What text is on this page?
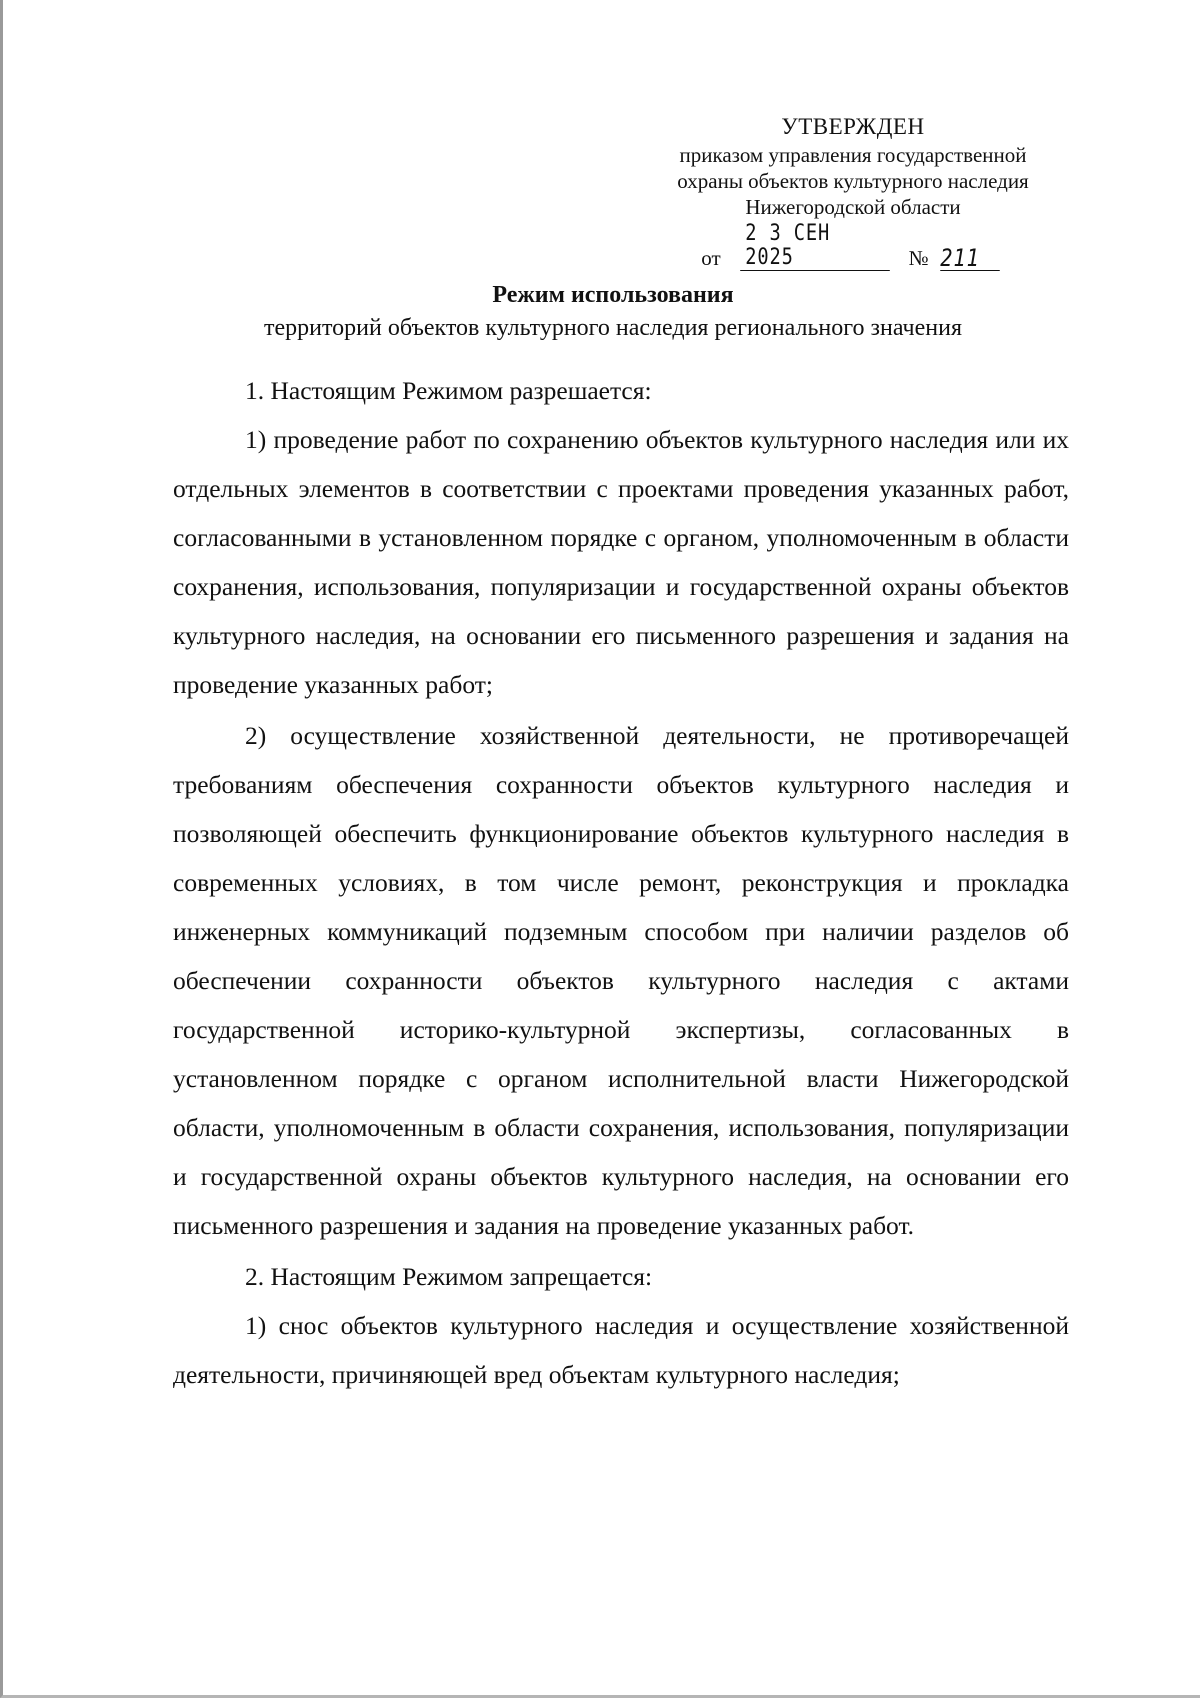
УТВЕРЖДЕН
приказом управления государственной
охраны объектов культурного наследия
Нижегородской области
от
2 3 СЕН 2025	№ 211
Режим использования
территорий объектов культурного наследия регионального значения

1. Настоящим Режимом разрешается:

1) проведение работ по сохранению объектов культурного наследия или их отдельных элементов в соответствии с проектами проведения указанных работ, согласованными в установленном порядке с органом, уполномоченным в области сохранения, использования, популяризации и государственной охраны объектов культурного наследия, на основании его письменного разрешения и задания на проведение указанных работ;

2) осуществление хозяйственной деятельности, не противоречащей требованиям обеспечения сохранности объектов культурного наследия и позволяющей обеспечить функционирование объектов культурного наследия в современных условиях, в том числе ремонт, реконструкция и прокладка инженерных коммуникаций подземным способом при наличии разделов об обеспечении сохранности объектов культурного наследия с актами государственной историко-культурной экспертизы, согласованных в установленном порядке с органом исполнительной власти Нижегородской области, уполномоченным в области сохранения, использования, популяризации и государственной охраны объектов культурного наследия, на основании его письменного разрешения и задания на проведение указанных работ.

2. Настоящим Режимом запрещается:

1) снос объектов культурного наследия и осуществление хозяйственной деятельности, причиняющей вред объектам культурного наследия;
